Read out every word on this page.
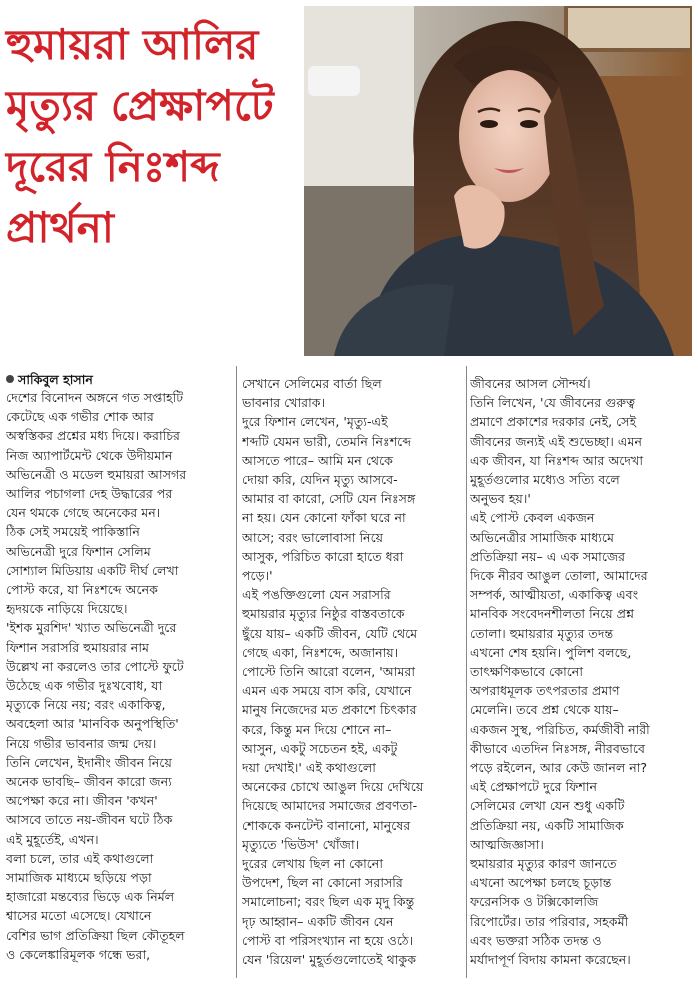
হুমায়রা আলির মৃত্যুর প্রেক্ষাপটে দূরের নিঃশব্দ প্রার্থনা
সাকিবুল হাসান
দেশের বিনোদন অঙ্গনে গত সপ্তাহটি
কেটেছে এক গভীর শোক আর
অস্বস্তিকর প্রশ্নের মধ্য দিয়ে। করাচির
নিজ অ্যাপার্টমেন্ট থেকে উদীয়মান
অভিনেত্রী ও মডেল হুমায়রা আসগর
আলির পচাগলা দেহ উদ্ধারের পর
যেন থমকে গেছে অনেকের মন।
ঠিক সেই সময়েই পাকিস্তানি
অভিনেত্রী দুরে ফিশান সেলিম
সোশ্যাল মিডিয়ায় একটি দীর্ঘ লেখা
পোস্ট করে, যা নিঃশব্দে অনেক
হৃদয়কে নাড়িয়ে দিয়েছে।
'ইশক মুরশিদ' খ্যাত অভিনেত্রী দুরে
ফিশান সরাসরি হুমায়রার নাম
উল্লেখ না করলেও তার পোস্টে ফুটে
উঠেছে এক গভীর দুঃখবোধ, যা
মৃত্যুকে নিয়ে নয়; বরং একাকিত্ব,
অবহেলা আর 'মানবিক অনুপস্থিতি'
নিয়ে গভীর ভাবনার জন্ম দেয়।
তিনি লেখেন, ইদানীং জীবন নিয়ে
অনেক ভাবছি– জীবন কারো জন্য
অপেক্ষা করে না। জীবন 'কখন'
আসবে তাতে নয়-জীবন ঘটে ঠিক
এই মুহূর্তেই, এখন।
বলা চলে, তার এই কথাগুলো
সামাজিক মাধ্যমে ছড়িয়ে পড়া
হাজারো মন্তব্যের ভিড়ে এক নির্মল
শ্বাসের মতো এসেছে। যেখানে
বেশির ভাগ প্রতিক্রিয়া ছিল কৌতূহল
ও কেলেঙ্কারিমূলক গন্ধে ভরা,
সেখানে সেলিমের বার্তা ছিল
ভাবনার খোরাক।
দুরে ফিশান লেখেন, 'মৃত্যু-এই
শব্দটি যেমন ভারী, তেমনি নিঃশব্দে
আসতে পারে– আমি মন থেকে
দোয়া করি, যেদিন মৃত্যু আসবে-
আমার বা কারো, সেটি যেন নিঃসঙ্গ
না হয়। যেন কোনো ফাঁকা ঘরে না
আসে; বরং ভালোবাসা নিয়ে
আসুক, পরিচিত কারো হাতে ধরা
পড়ে।'
এই পঙক্তিগুলো যেন সরাসরি
হুমায়রার মৃত্যুর নিষ্ঠুর বাস্তবতাকে
ছুঁয়ে যায়– একটি জীবন, যেটি থেমে
গেছে একা, নিঃশব্দে, অজানায়।
পোস্টে তিনি আরো বলেন, 'আমরা
এমন এক সময়ে বাস করি, যেখানে
মানুষ নিজেদের মত প্রকাশে চিৎকার
করে, কিন্তু মন দিয়ে শোনে না–
আসুন, একটু সচেতন হই, একটু
দয়া দেখাই।' এই কথাগুলো
অনেকের চোখে আঙুল দিয়ে দেখিয়ে
দিয়েছে আমাদের সমাজের প্রবণতা-
শোককে কনটেন্ট বানানো, মানুষের
মৃত্যুতে 'ভিউস' খোঁজা।
দুরের লেখায় ছিল না কোনো
উপদেশ, ছিল না কোনো সরাসরি
সমালোচনা; বরং ছিল এক মৃদু কিন্তু
দৃঢ় আহ্বান– একটি জীবন যেন
পোস্ট বা পরিসংখ্যান না হয়ে ওঠে।
যেন 'রিয়েল' মুহূর্তগুলোতেই থাকুক
জীবনের আসল সৌন্দর্য।
তিনি লিখেন, 'যে জীবনের গুরুত্ব
প্রমাণে প্রকাশের দরকার নেই, সেই
জীবনের জন্যই এই শুভেচ্ছা। এমন
এক জীবন, যা নিঃশব্দ আর অদেখা
মুহূর্তগুলোর মধ্যেও সত্যি বলে
অনুভব হয়।'
এই পোস্ট কেবল একজন
অভিনেত্রীর সামাজিক মাধ্যমে
প্রতিক্রিয়া নয়– এ এক সমাজের
দিকে নীরব আঙুল তোলা, আমাদের
সম্পর্ক, আত্মীয়তা, একাকিত্ব এবং
মানবিক সংবেদনশীলতা নিয়ে প্রশ্ন
তোলা। হুমায়রার মৃত্যুর তদন্ত
এখনো শেষ হয়নি। পুলিশ বলছে,
তাৎক্ষণিকভাবে কোনো
অপরাধমূলক তৎপরতার প্রমাণ
মেলেনি। তবে প্রশ্ন থেকে যায়–
একজন সুস্থ, পরিচিত, কর্মজীবী নারী
কীভাবে এতদিন নিঃসঙ্গ, নীরবভাবে
পড়ে রইলেন, আর কেউ জানল না?
এই প্রেক্ষাপটে দুরে ফিশান
সেলিমের লেখা যেন শুধু একটি
প্রতিক্রিয়া নয়, একটি সামাজিক
আত্মজিজ্ঞাসা।
হুমায়রার মৃত্যুর কারণ জানতে
এখনো অপেক্ষা চলছে চূড়ান্ত
ফরেনসিক ও টক্সিকোলজি
রিপোর্টের। তার পরিবার, সহকর্মী
এবং ভক্তরা সঠিক তদন্ত ও
মর্যাদাপূর্ণ বিদায় কামনা করেছেন।
